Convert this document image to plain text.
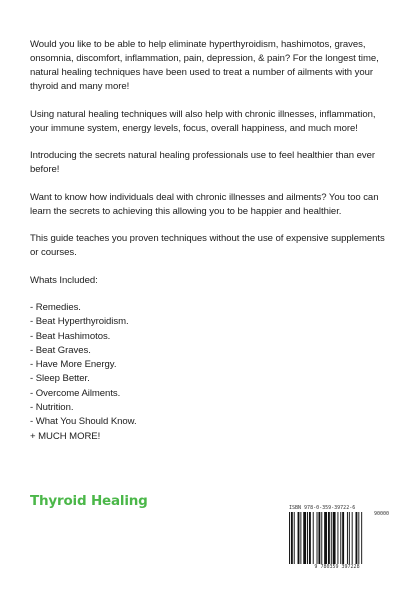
Would you like to be able to help eliminate hyperthyroidism, hashimotos, graves, onsomnia, discomfort, inflammation, pain, depression, & pain? For the longest time, natural healing techniques have been used to treat a number of ailments with your thyroid and many more!

Using natural healing techniques will also help with chronic illnesses, inflammation, your immune system, energy levels, focus, overall happiness, and much more!

Introducing the secrets natural healing professionals use to feel healthier than ever before!

Want to know how individuals deal with chronic illnesses and ailments? You too can learn the secrets to achieving this allowing you to be happier and healthier.

This guide teaches you proven techniques without the use of expensive supplements or courses.

Whats Included:

- Remedies.
- Beat Hyperthyroidism.
- Beat Hashimotos.
- Beat Graves.
- Have More Energy.
- Sleep Better.
- Overcome Ailments.
- Nutrition.
- What You Should Know.
+ MUCH MORE!
Thyroid Healing	ISBN 978-0-359-39722-6
90000
9 780359 397228
